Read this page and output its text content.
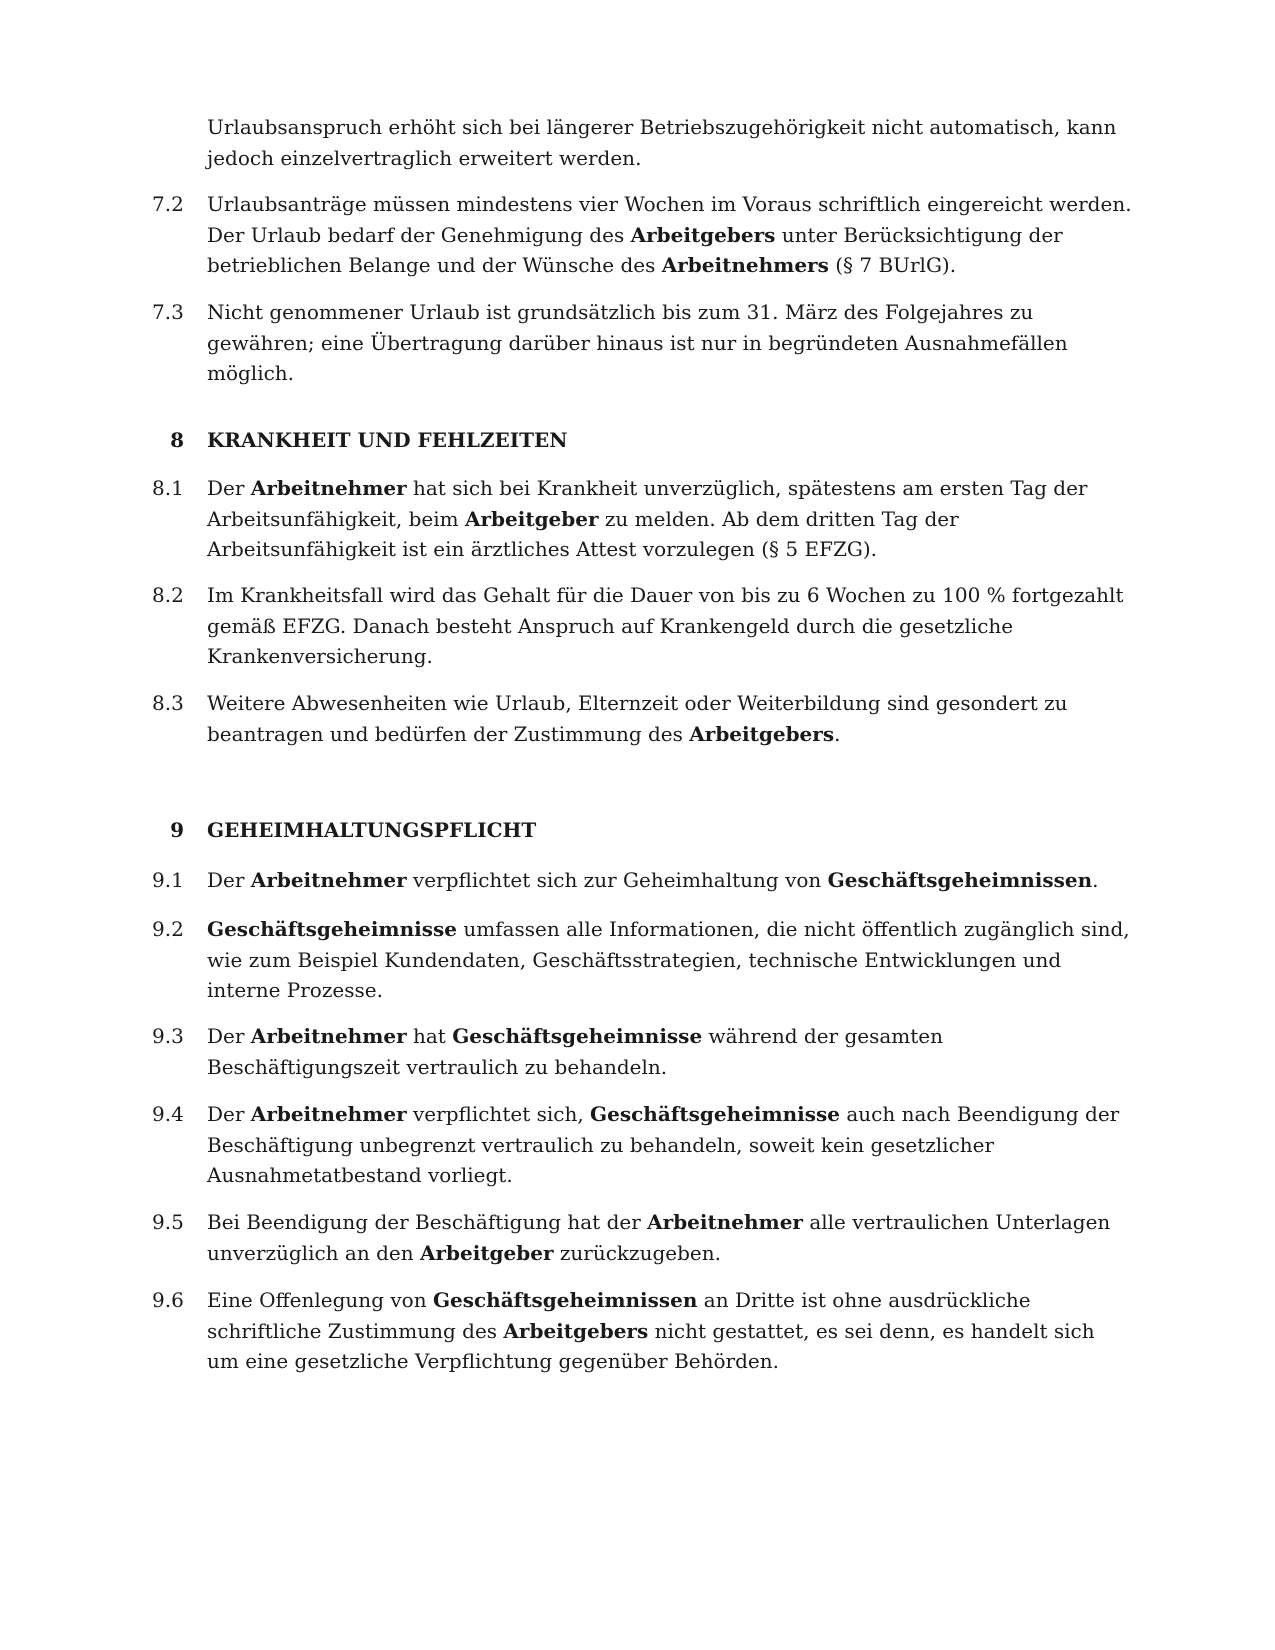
Urlaubsanspruch erhöht sich bei längerer Betriebszugehörigkeit nicht automatisch, kann jedoch einzelvertraglich erweitert werden.
7.2	Urlaubsanträge müssen mindestens vier Wochen im Voraus schriftlich eingereicht werden. Der Urlaub bedarf der Genehmigung des Arbeitgebers unter Berücksichtigung der betrieblichen Belange und der Wünsche des Arbeitnehmers (§ 7 BUrlG).
7.3	Nicht genommener Urlaub ist grundsätzlich bis zum 31. März des Folgejahres zu gewähren; eine Übertragung darüber hinaus ist nur in begründeten Ausnahmefällen möglich.
8 KRANKHEIT UND FEHLZEITEN
8.1	Der Arbeitnehmer hat sich bei Krankheit unverzüglich, spätestens am ersten Tag der Arbeitsunfähigkeit, beim Arbeitgeber zu melden. Ab dem dritten Tag der Arbeitsunfähigkeit ist ein ärztliches Attest vorzulegen (§ 5 EFZG).
8.2	Im Krankheitsfall wird das Gehalt für die Dauer von bis zu 6 Wochen zu 100 % fortgezahlt gemäß EFZG. Danach besteht Anspruch auf Krankengeld durch die gesetzliche Krankenversicherung.
8.3	Weitere Abwesenheiten wie Urlaub, Elternzeit oder Weiterbildung sind gesondert zu beantragen und bedürfen der Zustimmung des Arbeitgebers.
9 GEHEIMHALTUNGSPFLICHT
9.1	Der Arbeitnehmer verpflichtet sich zur Geheimhaltung von Geschäftsgeheimnissen.
9.2	Geschäftsgeheimnisse umfassen alle Informationen, die nicht öffentlich zugänglich sind, wie zum Beispiel Kundendaten, Geschäftsstrategien, technische Entwicklungen und interne Prozesse.
9.3	Der Arbeitnehmer hat Geschäftsgeheimnisse während der gesamten Beschäftigungszeit vertraulich zu behandeln.
9.4	Der Arbeitnehmer verpflichtet sich, Geschäftsgeheimnisse auch nach Beendigung der Beschäftigung unbegrenzt vertraulich zu behandeln, soweit kein gesetzlicher Ausnahmetatbestand vorliegt.
9.5	Bei Beendigung der Beschäftigung hat der Arbeitnehmer alle vertraulichen Unterlagen unverzüglich an den Arbeitgeber zurückzugeben.
9.6	Eine Offenlegung von Geschäftsgeheimnissen an Dritte ist ohne ausdrückliche schriftliche Zustimmung des Arbeitgebers nicht gestattet, es sei denn, es handelt sich um eine gesetzliche Verpflichtung gegenüber Behörden.
